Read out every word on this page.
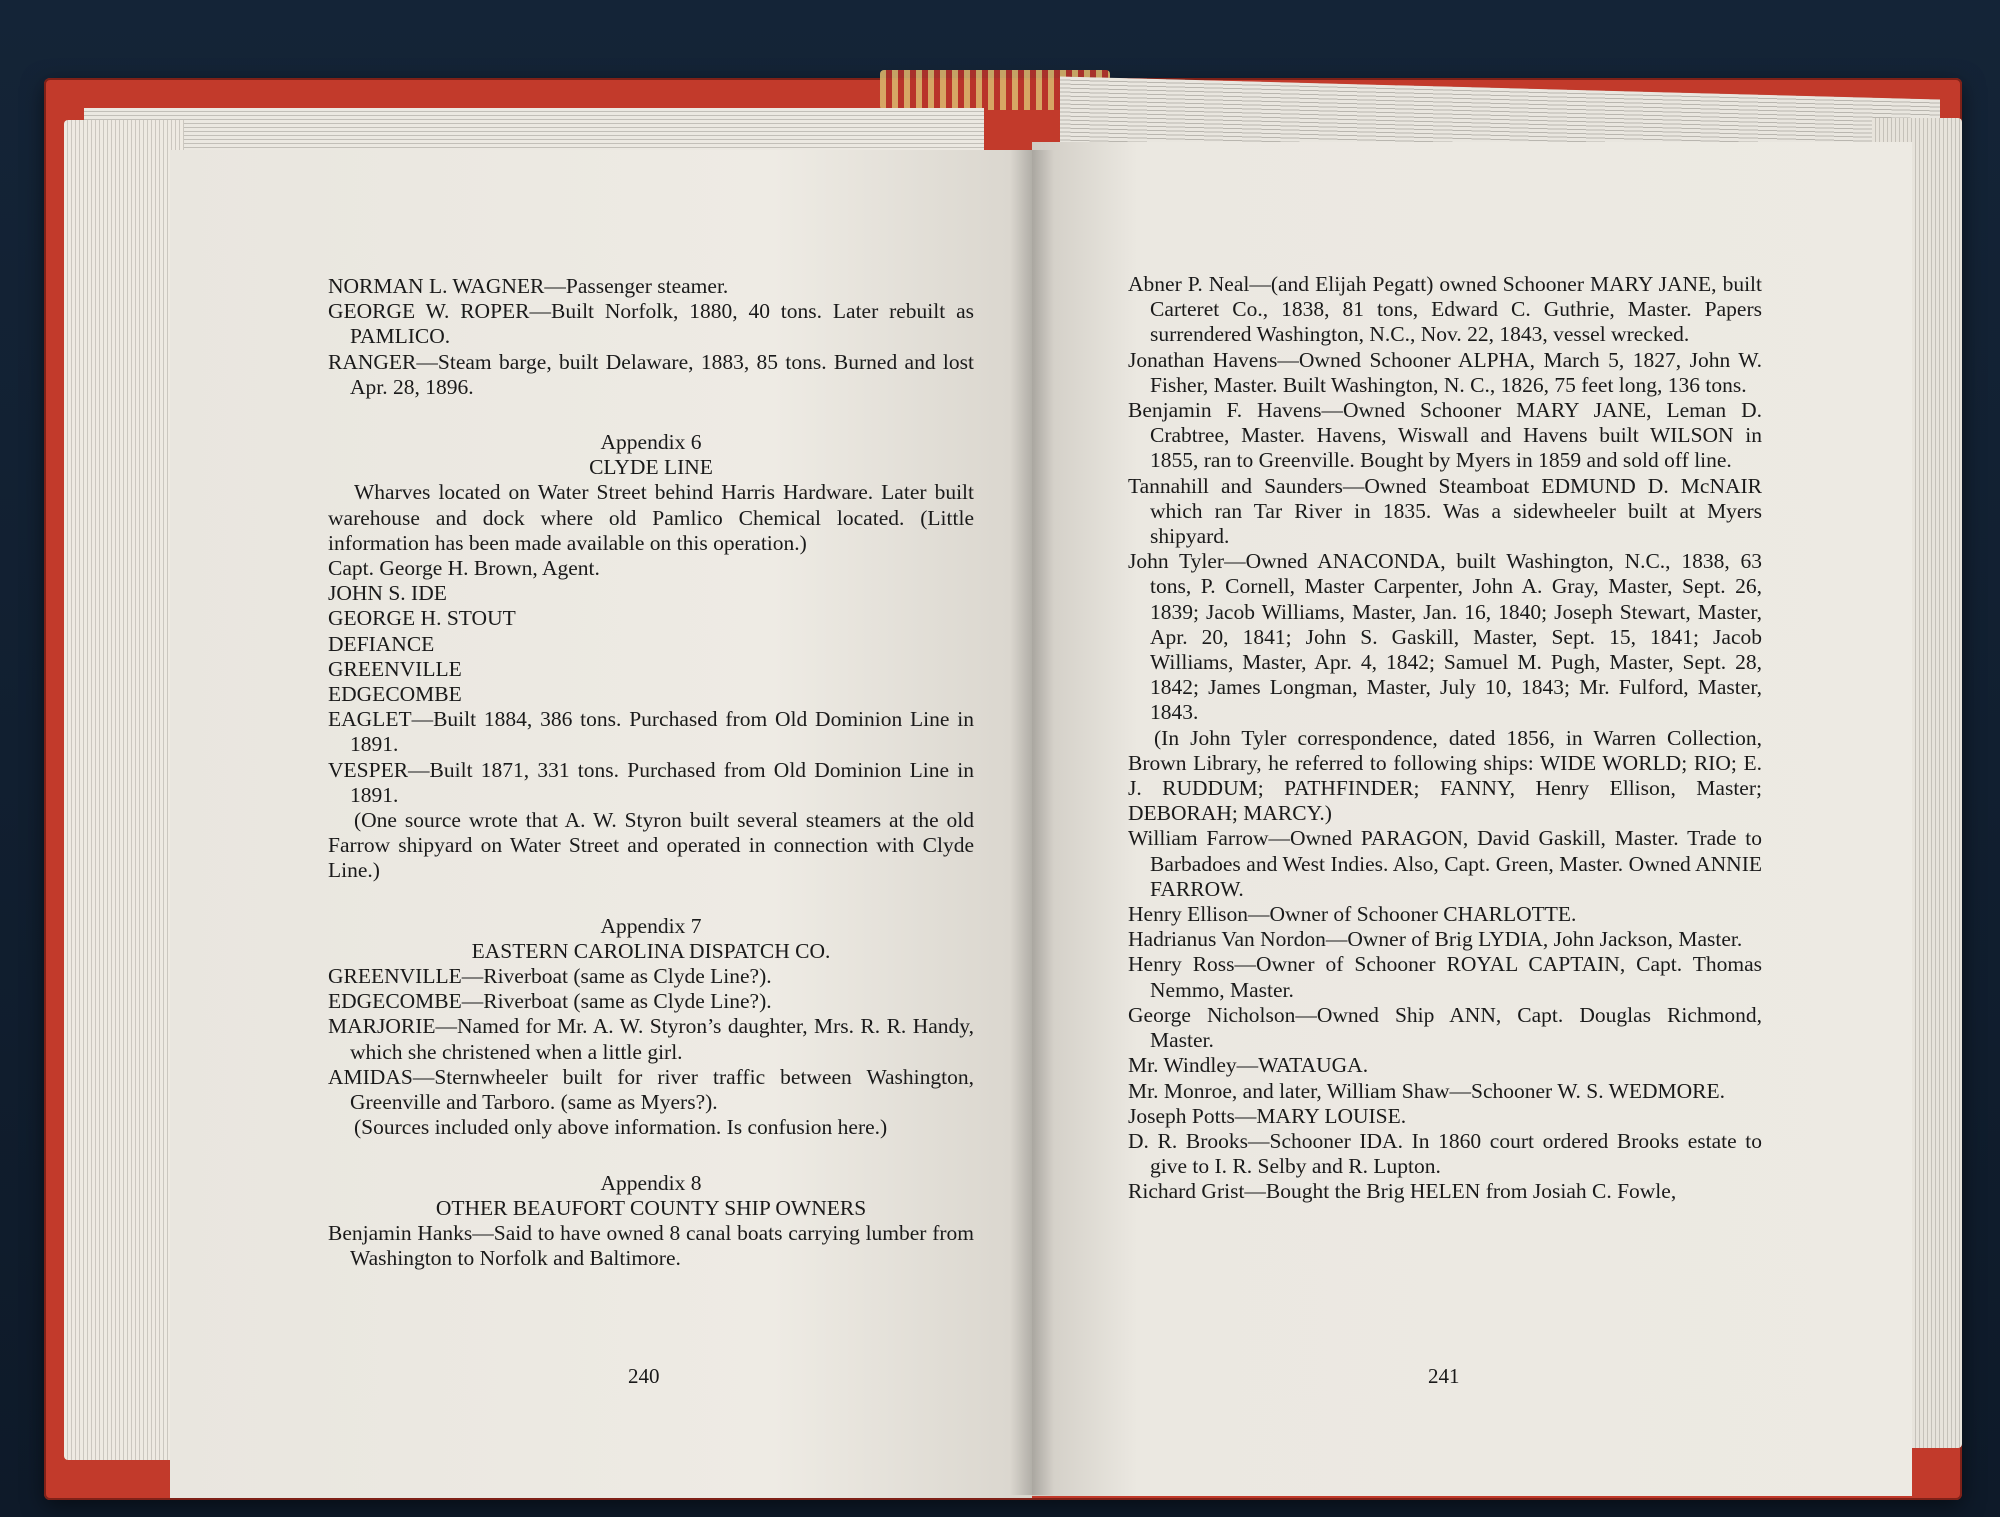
NORMAN L. WAGNER—Passenger steamer.

GEORGE W. ROPER—Built Norfolk, 1880, 40 tons. Later rebuilt as PAMLICO.

RANGER—Steam barge, built Delaware, 1883, 85 tons. Burned and lost Apr. 28, 1896.

Appendix 6

CLYDE LINE

Wharves located on Water Street behind Harris Hardware. Later built warehouse and dock where old Pamlico Chemical located. (Little information has been made available on this operation.)

Capt. George H. Brown, Agent.

JOHN S. IDE

GEORGE H. STOUT

DEFIANCE

GREENVILLE

EDGECOMBE

EAGLET—Built 1884, 386 tons. Purchased from Old Dominion Line in 1891.

VESPER—Built 1871, 331 tons. Purchased from Old Dominion Line in 1891.

(One source wrote that A. W. Styron built several steamers at the old Farrow shipyard on Water Street and operated in connection with Clyde Line.)

Appendix 7

EASTERN CAROLINA DISPATCH CO.

GREENVILLE—Riverboat (same as Clyde Line?).

EDGECOMBE—Riverboat (same as Clyde Line?).

MARJORIE—Named for Mr. A. W. Styron’s daughter, Mrs. R. R. Handy, which she christened when a little girl.

AMIDAS—Sternwheeler built for river traffic between Washington, Greenville and Tarboro. (same as Myers?).

(Sources included only above information. Is confusion here.)

Appendix 8

OTHER BEAUFORT COUNTY SHIP OWNERS

Benjamin Hanks—Said to have owned 8 canal boats carrying lumber from Washington to Norfolk and Baltimore.

240

Abner P. Neal—(and Elijah Pegatt) owned Schooner MARY JANE, built Carteret Co., 1838, 81 tons, Edward C. Guthrie, Master. Papers surrendered Washington, N.C., Nov. 22, 1843, vessel wrecked.

Jonathan Havens—Owned Schooner ALPHA, March 5, 1827, John W. Fisher, Master. Built Washington, N. C., 1826, 75 feet long, 136 tons.

Benjamin F. Havens—Owned Schooner MARY JANE, Leman D. Crabtree, Master. Havens, Wiswall and Havens built WILSON in 1855, ran to Greenville. Bought by Myers in 1859 and sold off line.

Tannahill and Saunders—Owned Steamboat EDMUND D. McNAIR which ran Tar River in 1835. Was a sidewheeler built at Myers shipyard.

John Tyler—Owned ANACONDA, built Washington, N.C., 1838, 63 tons, P. Cornell, Master Carpenter, John A. Gray, Master, Sept. 26, 1839; Jacob Williams, Master, Jan. 16, 1840; Joseph Stewart, Master, Apr. 20, 1841; John S. Gaskill, Master, Sept. 15, 1841; Jacob Williams, Master, Apr. 4, 1842; Samuel M. Pugh, Master, Sept. 28, 1842; James Longman, Master, July 10, 1843; Mr. Fulford, Master, 1843.

(In John Tyler correspondence, dated 1856, in Warren Collection, Brown Library, he referred to following ships: WIDE WORLD; RIO; E. J. RUDDUM; PATHFINDER; FANNY, Henry Ellison, Master; DEBORAH; MARCY.)

William Farrow—Owned PARAGON, David Gaskill, Master. Trade to Barbadoes and West Indies. Also, Capt. Green, Master. Owned ANNIE FARROW.

Henry Ellison—Owner of Schooner CHARLOTTE.

Hadrianus Van Nordon—Owner of Brig LYDIA, John Jackson, Master.

Henry Ross—Owner of Schooner ROYAL CAPTAIN, Capt. Thomas Nemmo, Master.

George Nicholson—Owned Ship ANN, Capt. Douglas Richmond, Master.

Mr. Windley—WATAUGA.

Mr. Monroe, and later, William Shaw—Schooner W. S. WEDMORE.

Joseph Potts—MARY LOUISE.

D. R. Brooks—Schooner IDA. In 1860 court ordered Brooks estate to give to I. R. Selby and R. Lupton.

Richard Grist—Bought the Brig HELEN from Josiah C. Fowle,

241
